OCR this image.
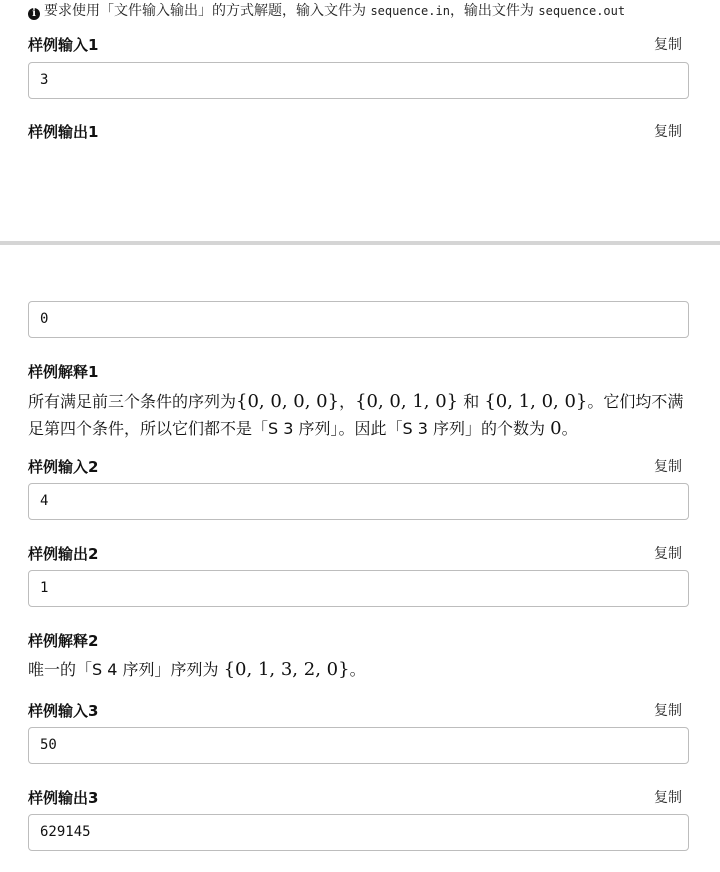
i 要求使用「文件输入输出」的方式解题，输入文件为 sequence.in，输出文件为 sequence.out
样例输入1	复制
3
样例输出1	复制
0
样例解释1
所有满足前三个条件的序列为{0, 0, 0, 0}，{0, 0, 1, 0} 和 {0, 1, 0, 0}。它们均不满足第四个条件，所以它们都不是「S 3 序列」。因此「S 3 序列」的个数为 0。
样例输入2	复制
4
样例输出2	复制
1
样例解释2
唯一的「S 4 序列」序列为 {0, 1, 3, 2, 0}。
样例输入3	复制
50
样例输出3	复制
629145
